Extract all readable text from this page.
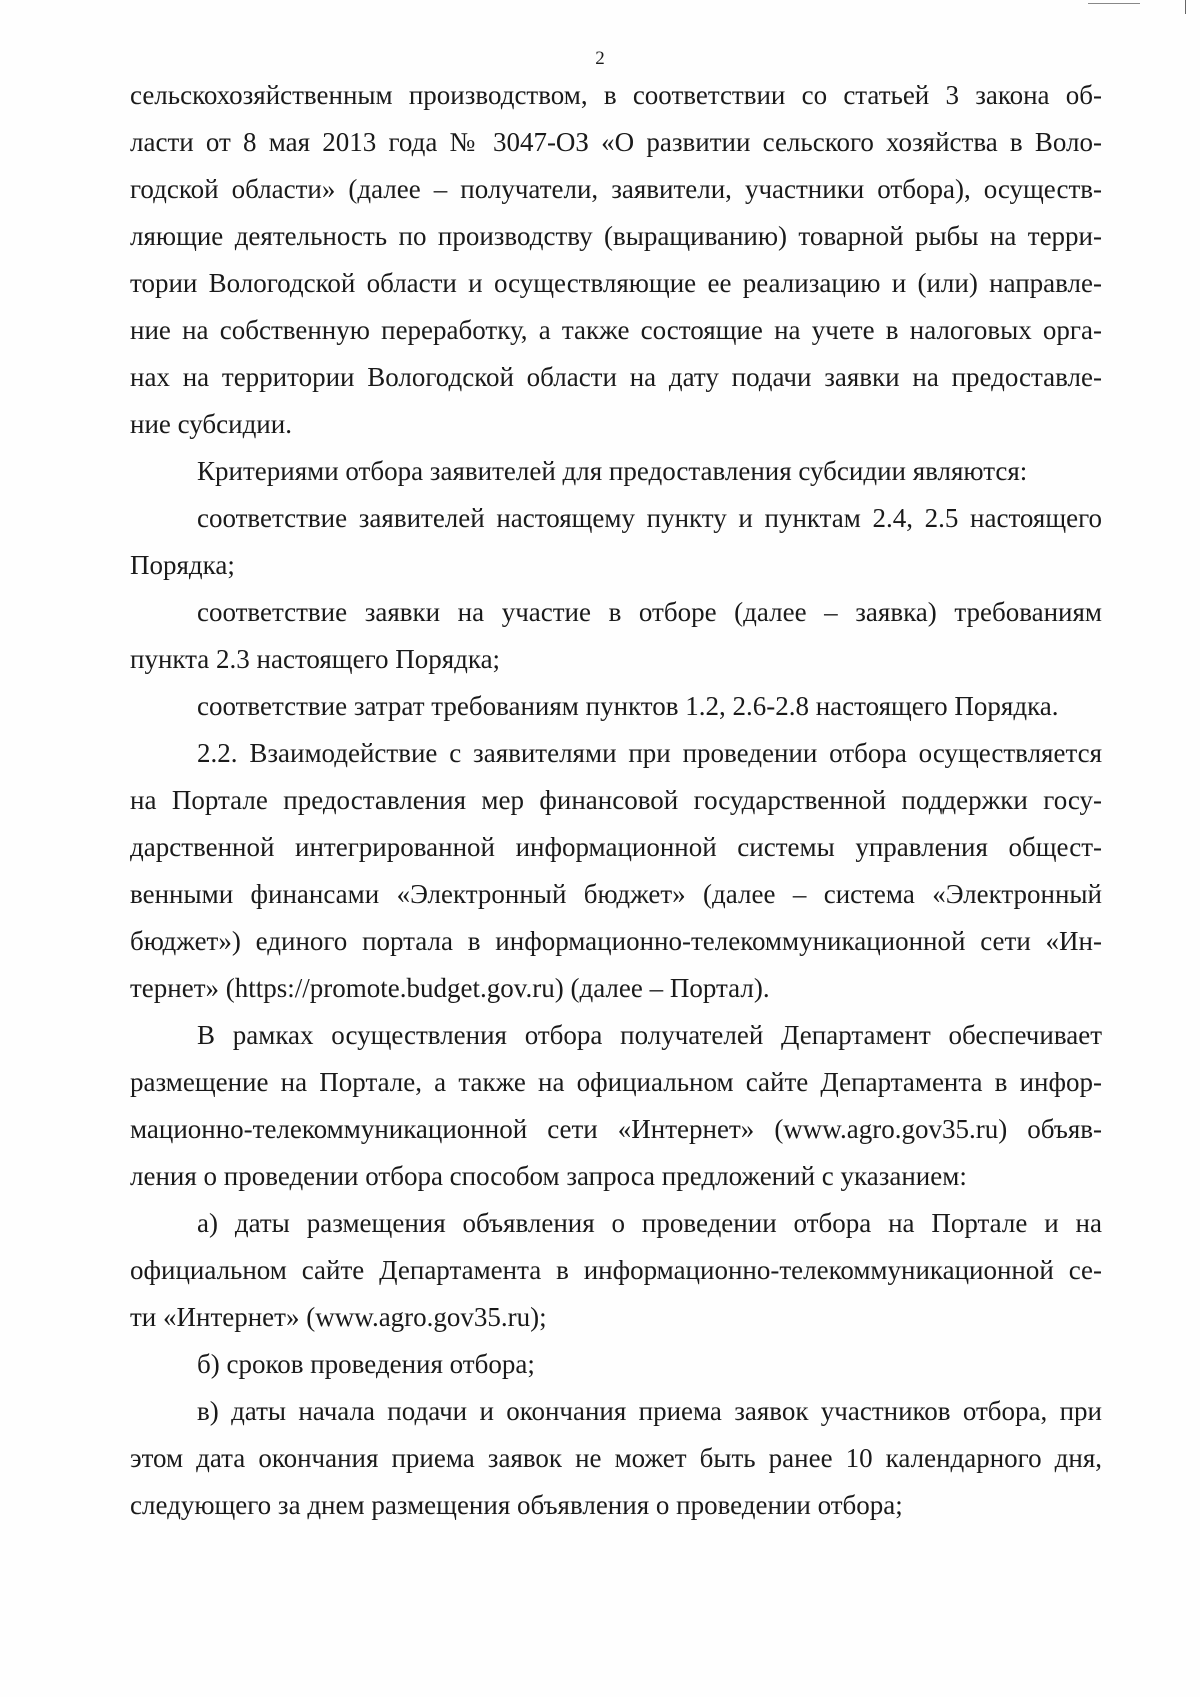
2
сельскохозяйственным производством, в соответствии со статьей 3 закона об-
ласти от 8 мая 2013 года № 3047-ОЗ «О развитии сельского хозяйства в Воло-
годской области» (далее – получатели, заявители, участники отбора), осуществ-
ляющие деятельность по производству (выращиванию) товарной рыбы на терри-
тории Вологодской области и осуществляющие ее реализацию и (или) направле-
ние на собственную переработку, а также состоящие на учете в налоговых орга-
нах на территории Вологодской области на дату подачи заявки на предоставле-
ние субсидии.
Критериями отбора заявителей для предоставления субсидии являются:
соответствие заявителей настоящему пункту и пунктам 2.4, 2.5 настоящего
Порядка;
соответствие заявки на участие в отборе (далее – заявка) требованиям
пункта 2.3 настоящего Порядка;
соответствие затрат требованиям пунктов 1.2, 2.6-2.8 настоящего Порядка.
2.2. Взаимодействие с заявителями при проведении отбора осуществляется
на Портале предоставления мер финансовой государственной поддержки госу-
дарственной интегрированной информационной системы управления общест-
венными финансами «Электронный бюджет» (далее – система «Электронный
бюджет») единого портала в информационно-телекоммуникационной сети «Ин-
тернет» (https://promote.budget.gov.ru) (далее – Портал).
В рамках осуществления отбора получателей Департамент обеспечивает
размещение на Портале, а также на официальном сайте Департамента в инфор-
мационно-телекоммуникационной сети «Интернет» (www.agro.gov35.ru) объяв-
ления о проведении отбора способом запроса предложений с указанием:
а) даты размещения объявления о проведении отбора на Портале и на
официальном сайте Департамента в информационно-телекоммуникационной се-
ти «Интернет» (www.agro.gov35.ru);
б) сроков проведения отбора;
в) даты начала подачи и окончания приема заявок участников отбора, при
этом дата окончания приема заявок не может быть ранее 10 календарного дня,
следующего за днем размещения объявления о проведении отбора;
